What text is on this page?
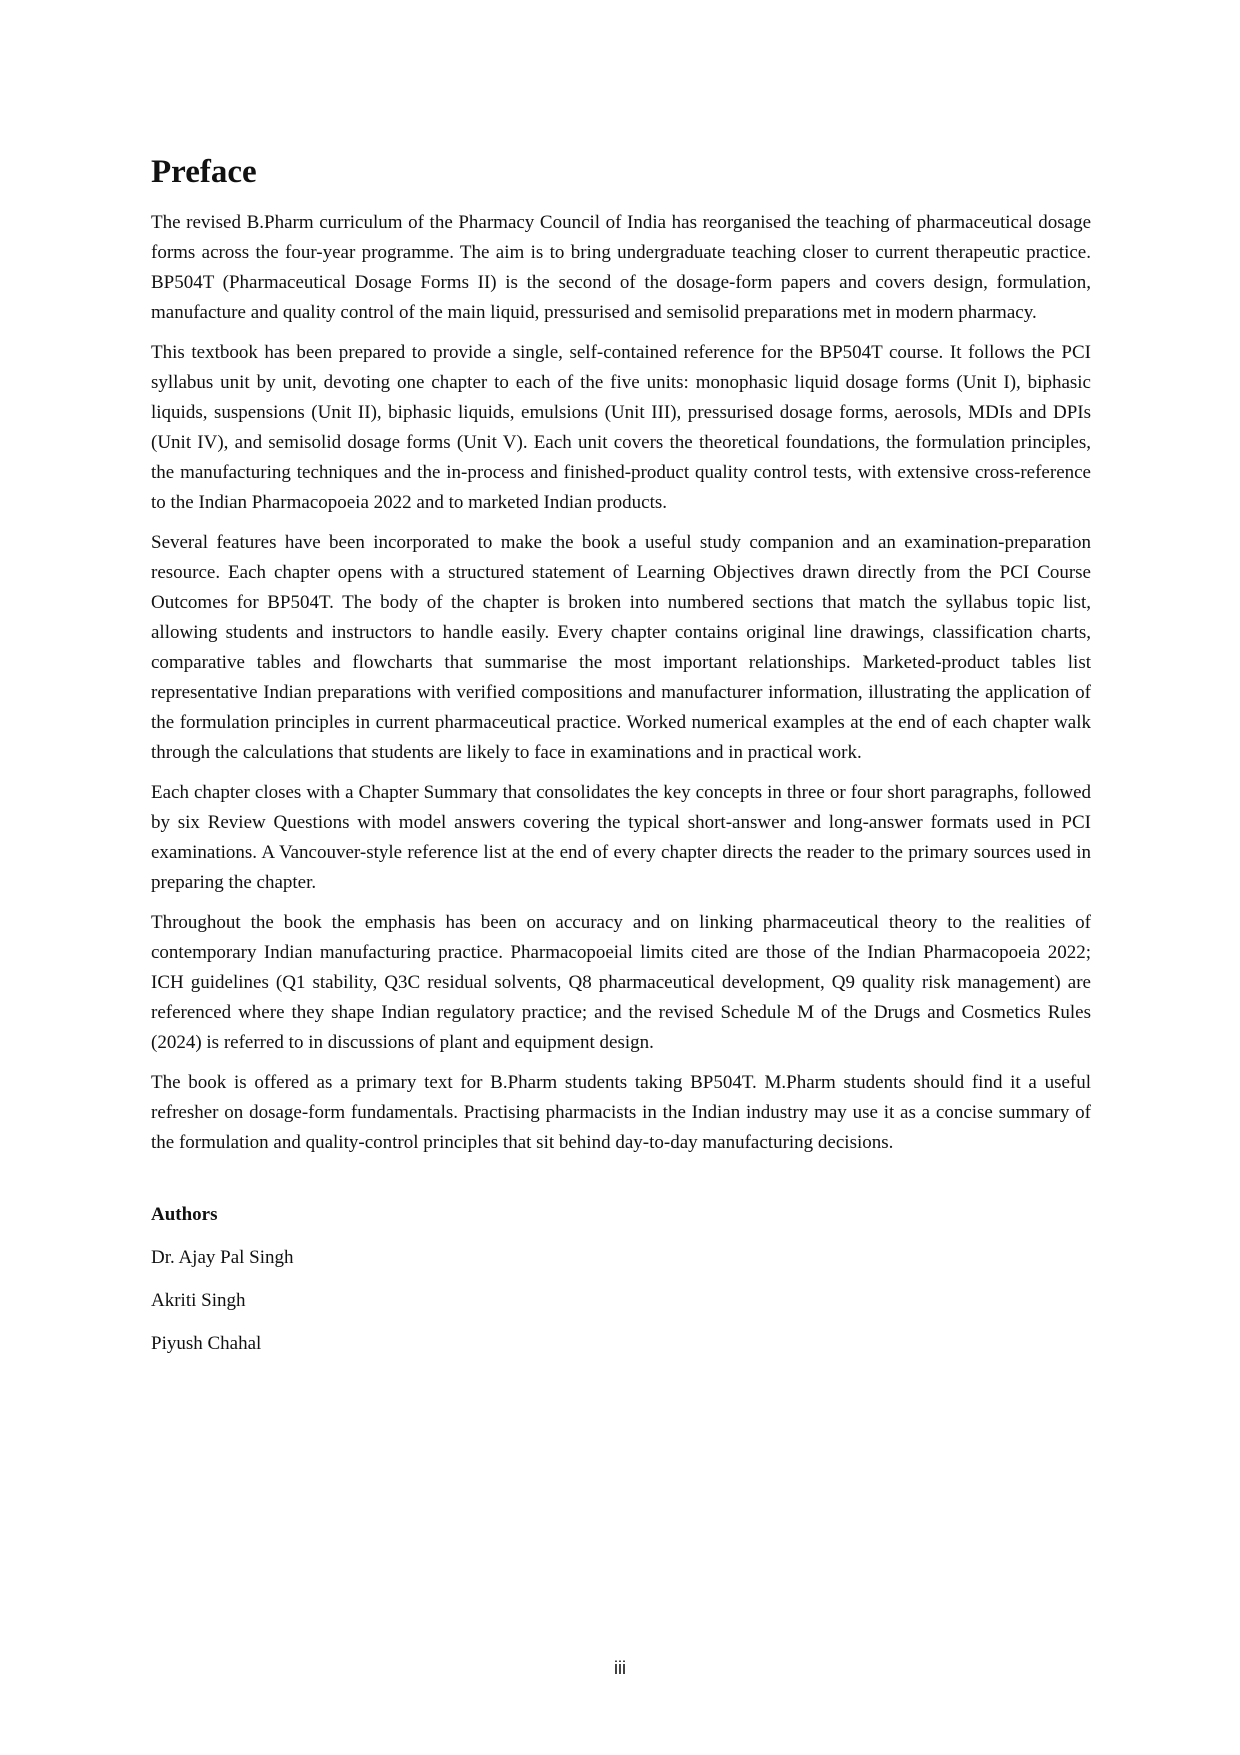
Preface

The revised B.Pharm curriculum of the Pharmacy Council of India has reorganised the teaching of pharmaceutical dosage forms across the four-year programme. The aim is to bring undergraduate teaching closer to current therapeutic practice. BP504T (Pharmaceutical Dosage Forms II) is the second of the dosage-form papers and covers design, formulation, manufacture and quality control of the main liquid, pressurised and semisolid preparations met in modern pharmacy.

This textbook has been prepared to provide a single, self-contained reference for the BP504T course. It follows the PCI syllabus unit by unit, devoting one chapter to each of the five units: monophasic liquid dosage forms (Unit I), biphasic liquids, suspensions (Unit II), biphasic liquids, emulsions (Unit III), pressurised dosage forms, aerosols, MDIs and DPIs (Unit IV), and semisolid dosage forms (Unit V). Each unit covers the theoretical foundations, the formulation principles, the manufacturing techniques and the in-process and finished-product quality control tests, with extensive cross-reference to the Indian Pharmacopoeia 2022 and to marketed Indian products.

Several features have been incorporated to make the book a useful study companion and an examination-preparation resource. Each chapter opens with a structured statement of Learning Objectives drawn directly from the PCI Course Outcomes for BP504T. The body of the chapter is broken into numbered sections that match the syllabus topic list, allowing students and instructors to handle easily. Every chapter contains original line drawings, classification charts, comparative tables and flowcharts that summarise the most important relationships. Marketed-product tables list representative Indian preparations with verified compositions and manufacturer information, illustrating the application of the formulation principles in current pharmaceutical practice. Worked numerical examples at the end of each chapter walk through the calculations that students are likely to face in examinations and in practical work.

Each chapter closes with a Chapter Summary that consolidates the key concepts in three or four short paragraphs, followed by six Review Questions with model answers covering the typical short-answer and long-answer formats used in PCI examinations. A Vancouver-style reference list at the end of every chapter directs the reader to the primary sources used in preparing the chapter.

Throughout the book the emphasis has been on accuracy and on linking pharmaceutical theory to the realities of contemporary Indian manufacturing practice. Pharmacopoeial limits cited are those of the Indian Pharmacopoeia 2022; ICH guidelines (Q1 stability, Q3C residual solvents, Q8 pharmaceutical development, Q9 quality risk management) are referenced where they shape Indian regulatory practice; and the revised Schedule M of the Drugs and Cosmetics Rules (2024) is referred to in discussions of plant and equipment design.

The book is offered as a primary text for B.Pharm students taking BP504T. M.Pharm students should find it a useful refresher on dosage-form fundamentals. Practising pharmacists in the Indian industry may use it as a concise summary of the formulation and quality-control principles that sit behind day-to-day manufacturing decisions.

Authors
Dr. Ajay Pal Singh
Akriti Singh
Piyush Chahal
iii
